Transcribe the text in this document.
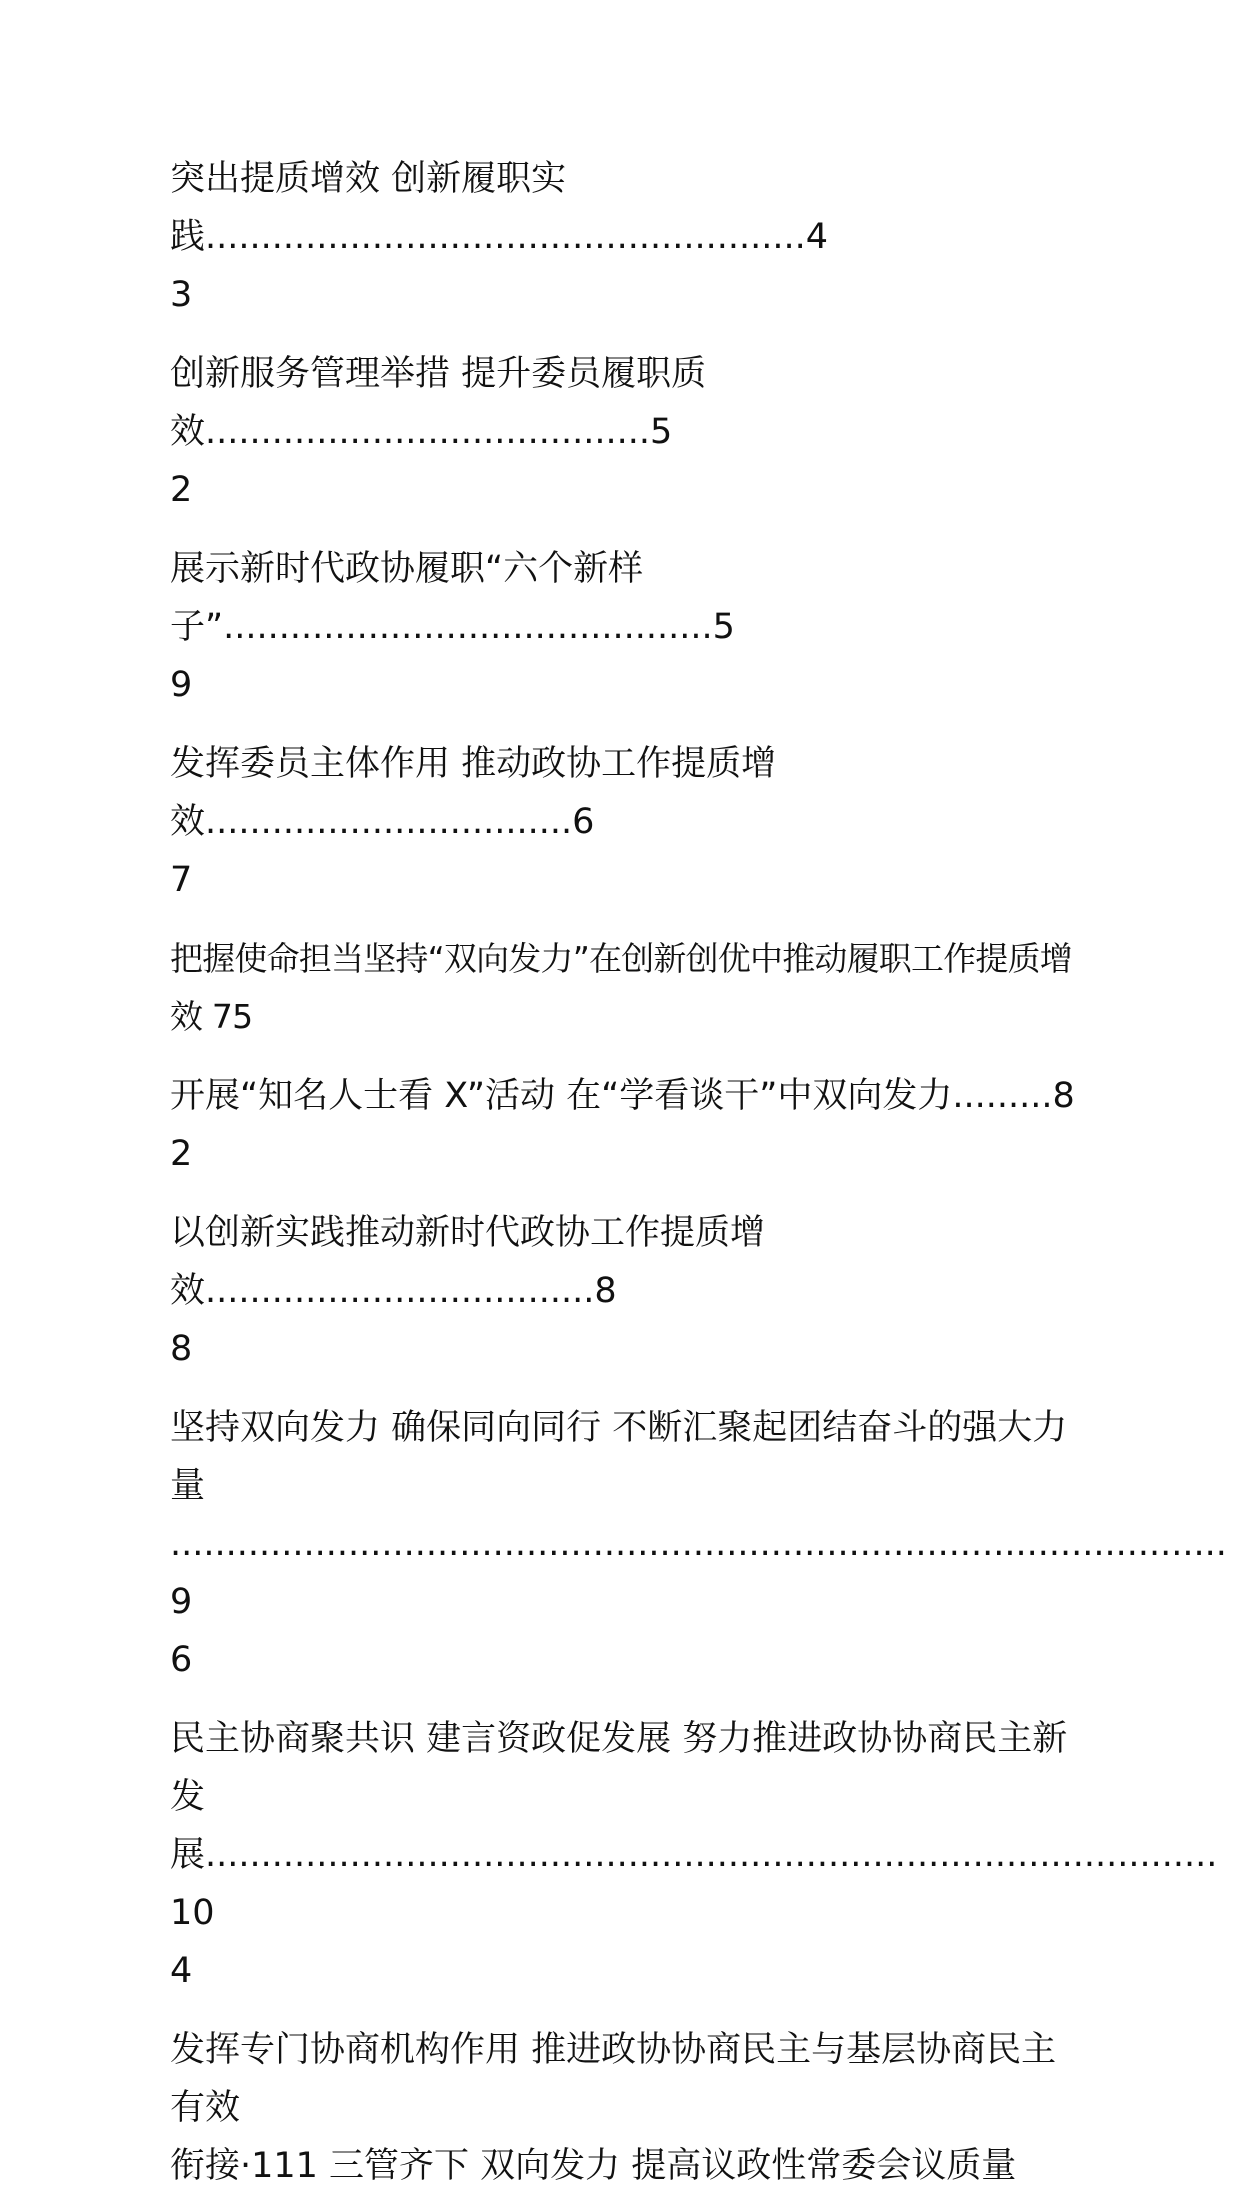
突出提质增效 创新履职实践......................................................4
3
创新服务管理举措 提升委员履职质效........................................5
2
展示新时代政协履职“六个新样子”............................................5
9
发挥委员主体作用 推动政协工作提质增效.................................6
7
把握使命担当坚持“双向发力”在创新创优中推动履职工作提质增效 75
开展“知名人士看 X”活动 在“学看谈干”中双向发力.........8
2
以创新实践推动新时代政协工作提质增效...................................8
8
坚持双向发力 确保同向同行 不断汇聚起团结奋斗的强大力量
...............................................................................................9
6
民主协商聚共识 建言资政促发展 努力推进政协协商民主新发
展...........................................................................................10
4
发挥专门协商机构作用 推进政协协商民主与基层协商民主有效
衔接·111 三管齐下 双向发力 提高议政性常委会议质量
